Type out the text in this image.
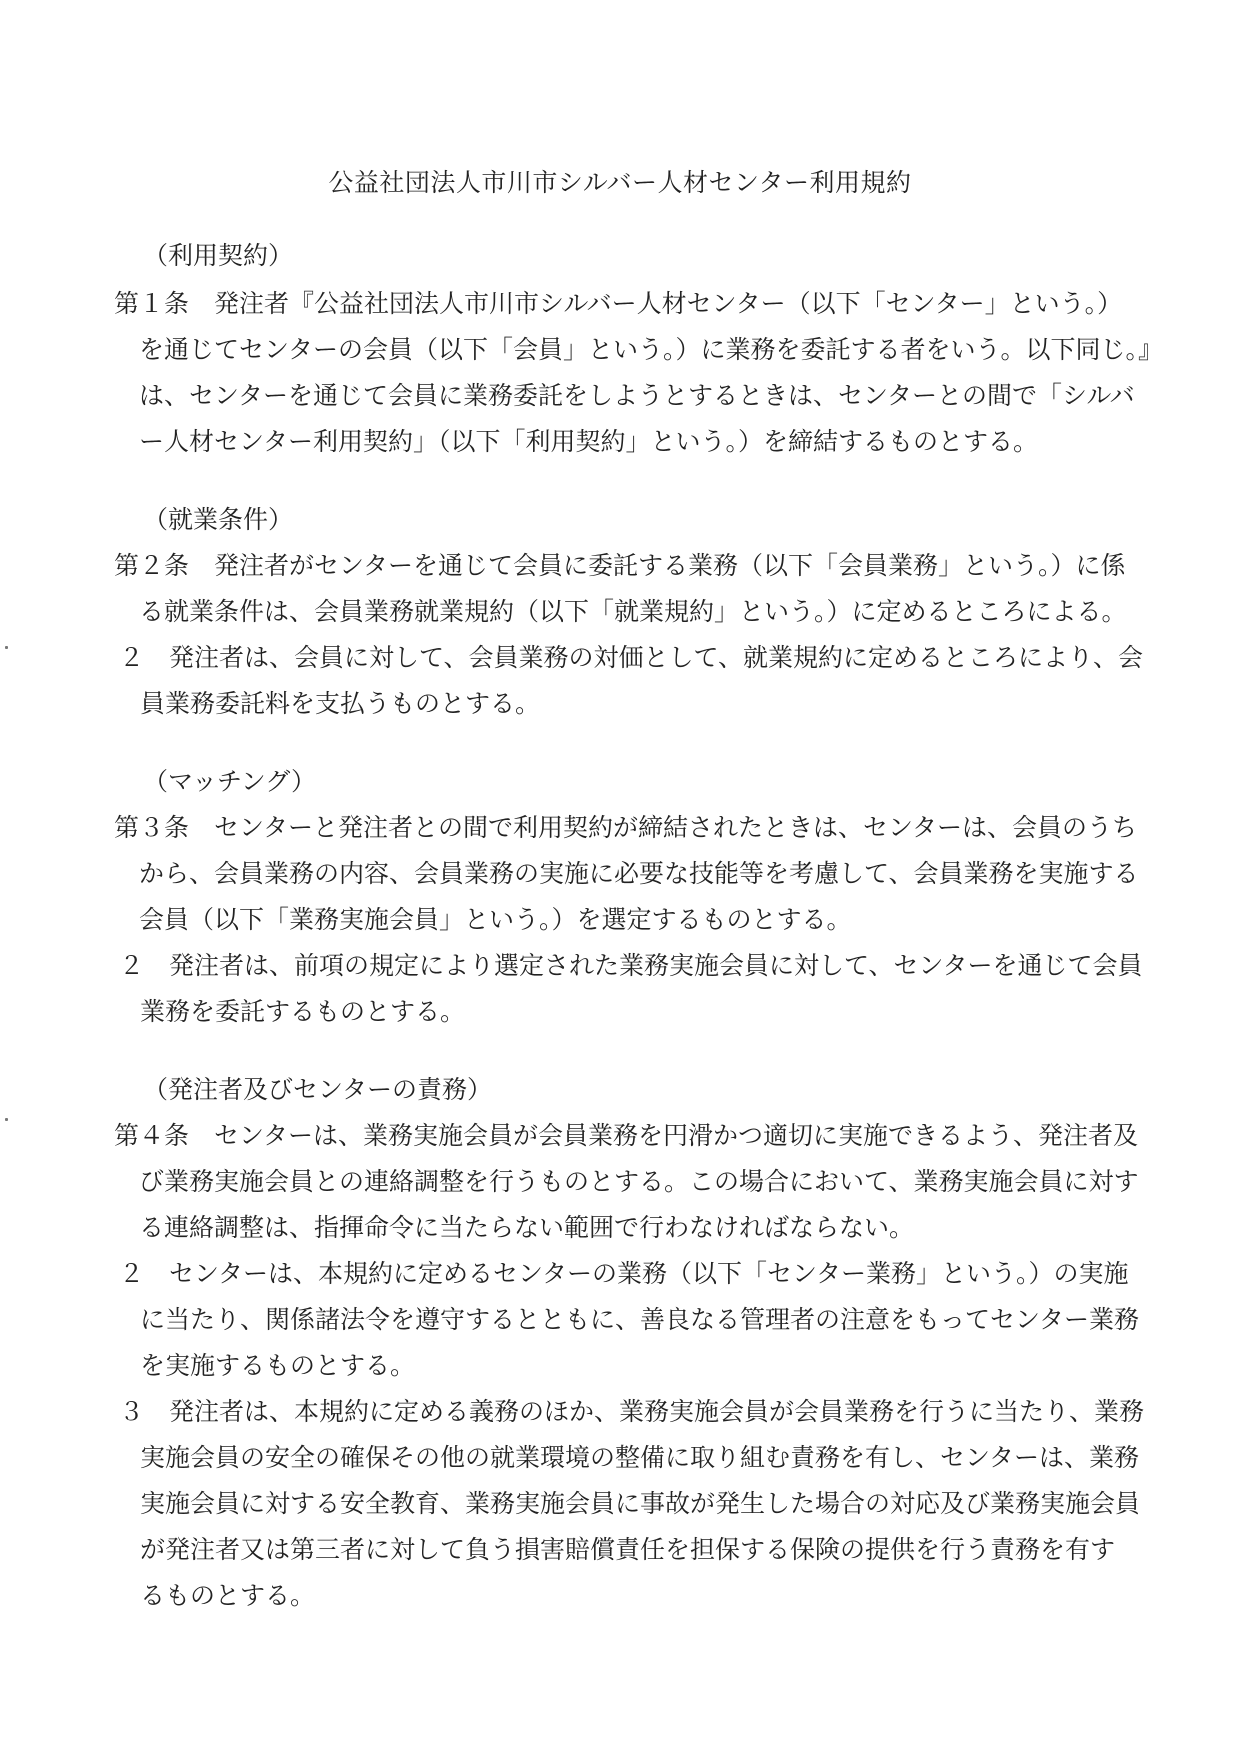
公益社団法人市川市シルバー人材センター利用規約

（利用契約）

第１条　発注者『公益社団法人市川市シルバー人材センター（以下「センター」という。）

を通じてセンターの会員（以下「会員」という。）に業務を委託する者をいう。以下同じ。』

は、センターを通じて会員に業務委託をしようとするときは、センターとの間で「シルバ

ー人材センター利用契約」（以下「利用契約」という。）を締結するものとする。

（就業条件）

第２条　発注者がセンターを通じて会員に委託する業務（以下「会員業務」という。）に係

る就業条件は、会員業務就業規約（以下「就業規約」という。）に定めるところによる。

２　発注者は、会員に対して、会員業務の対価として、就業規約に定めるところにより、会

員業務委託料を支払うものとする。

（マッチング）

第３条　センターと発注者との間で利用契約が締結されたときは、センターは、会員のうち

から、会員業務の内容、会員業務の実施に必要な技能等を考慮して、会員業務を実施する

会員（以下「業務実施会員」という。）を選定するものとする。

２　発注者は、前項の規定により選定された業務実施会員に対して、センターを通じて会員

業務を委託するものとする。

（発注者及びセンターの責務）

第４条　センターは、業務実施会員が会員業務を円滑かつ適切に実施できるよう、発注者及

び業務実施会員との連絡調整を行うものとする。この場合において、業務実施会員に対す

る連絡調整は、指揮命令に当たらない範囲で行わなければならない。

２　センターは、本規約に定めるセンターの業務（以下「センター業務」という。）の実施

に当たり、関係諸法令を遵守するとともに、善良なる管理者の注意をもってセンター業務

を実施するものとする。

３　発注者は、本規約に定める義務のほか、業務実施会員が会員業務を行うに当たり、業務

実施会員の安全の確保その他の就業環境の整備に取り組む責務を有し、センターは、業務

実施会員に対する安全教育、業務実施会員に事故が発生した場合の対応及び業務実施会員

が発注者又は第三者に対して負う損害賠償責任を担保する保険の提供を行う責務を有す

るものとする。
